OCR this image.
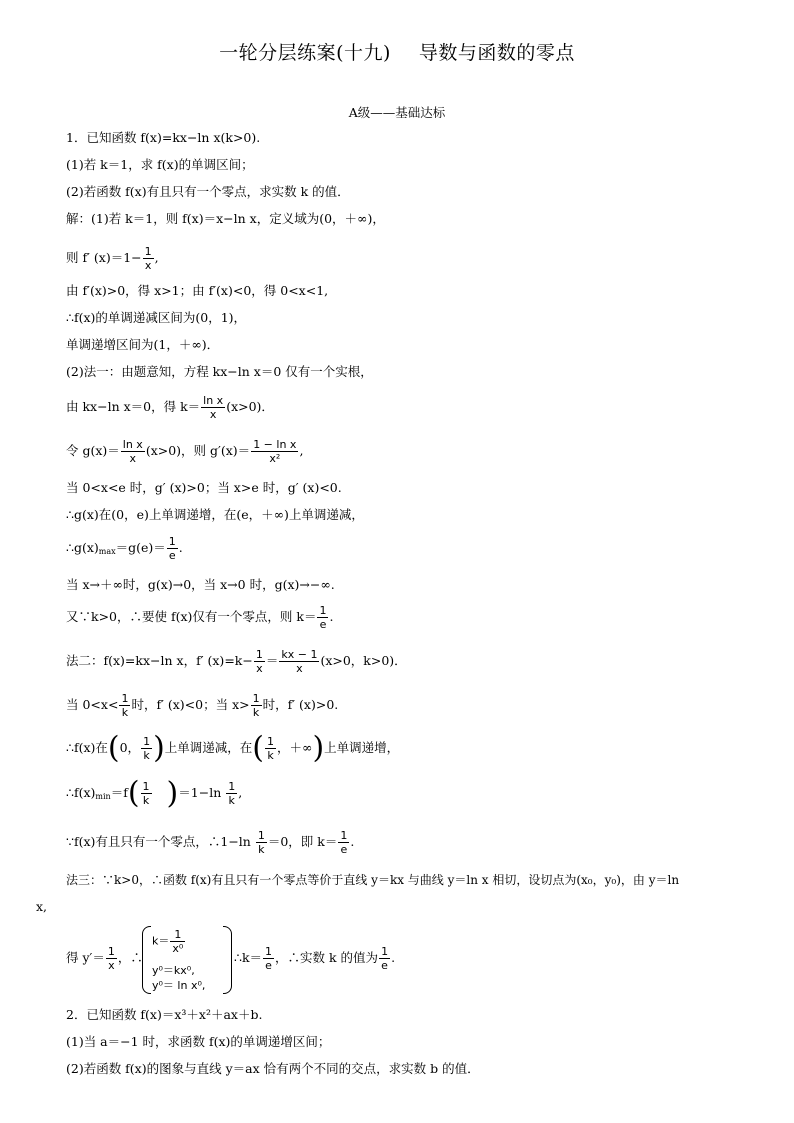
一轮分层练案(十九) 导数与函数的零点
A级——基础达标
1．已知函数 f(x)=kx−ln x(k>0).
(1)若 k＝1，求 f(x)的单调区间；
(2)若函数 f(x)有且只有一个零点，求实数 k 的值．
解：(1)若 k＝1，则 f(x)＝x−ln x，定义域为(0，＋∞)，
则 f′ $(x)=1- \frac{1}{x}$ ,
由 f′(x)>0，得 x>1；由 f′(x)<0，得 0<x<1,
∴f(x)的单调递减区间为(0，1)，
单调递增区间为(1，＋∞)．
(2)法一：由题意知，方程 kx−ln x＝0 仅有一个实根，
由 kx−ln x＝0，得 $k= \frac{\text{ln x}}{x} (x>0)$．
令 $g(x)= \frac{\text{ln x}}{x} (x>0)$，则 $g'(x)= \frac{\text{1 − ln x}}{\text{x²}}$ ,
当 0<x<e 时，g′ (x)>0；当 x>e 时，g′ (x)<0.
∴g(x)在(0，e)上单调递增，在(e，＋∞)上单调递减，
∴g(x)max＝g(e)＝ $\frac{1}{e}$ .
当 x→＋∞时，g(x)→0，当 x→0 时，g(x)→−∞.
又∵k>0，∴要使 f(x)仅有一个零点，则 $k= \frac{1}{e}$ .
法二：f(x)=kx−ln x，f′ $(x)=k- \frac{1}{x} = \frac{kx - 1}{x} (x>0$，k>0)．
当 $0<x< \frac{1}{k}$ 时，f′ (x)<0；当 $x> \frac{1}{k}$ 时，f′ (x)>0.
∴f(x)在(0， $\frac{1}{k}$ )上单调递减，在( $\frac{1}{k}$ ，＋∞)上单调递增，
∴f(x)min＝f( $\frac{1}{k} )=1-\ln \frac{1}{k}$ ,
∵f(x)有且只有一个零点，∴1−ln $\frac{1}{k} =0$，即 $k= \frac{1}{e}$ .
法三：∵k>0，∴函数 f(x)有且只有一个零点等价于直线 y＝kx 与曲线 y＝ln x 相切，设切点为(x₀，y₀)，由 y＝ln
x,
得 $y'= \frac{1}{x}$ ，∴
$k= \frac{1}{\text{x⁰}}$
y⁰＝kx⁰,
y⁰＝ ln x⁰,
∴k＝ $\frac{1}{e}$ ，∴实数 k 的值为 $\frac{1}{e}$ .
2．已知函数 f(x)＝x³＋x²＋ax＋b.
(1)当 a＝−1 时，求函数 f(x)的单调递增区间；
(2)若函数 f(x)的图象与直线 y＝ax 恰有两个不同的交点，求实数 b 的值．
